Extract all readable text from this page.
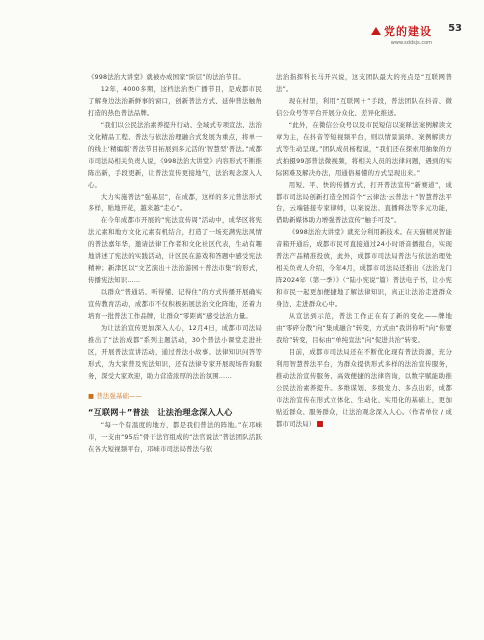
党的建设
www.sddsjs.com
53

《998法治大讲堂》就被办成国家“阶层”的法治节目。

12年，4000多期，这档法治类广播节目，是成都市民了解身边法治新鲜事的窗口，创新普法方式、延伸普法触角打造的热色普法品牌。

“我们以公民法治素养提升行动、全域式专项宣法、法治文化精品工程、普法与依法治理融合式发展为重点，将单一的线上‘精编版’普法节目拓展到多元活的‘智慧型’普法。”成都市司法局相关负责人说，《998法治大讲堂》内容形式不断推陈出新，手段更新，让普法宣传更接地气，法治观念深入人心。

大力实施普法“强基层”，在成都，这样的多元普法形式多样，贴地开花，越来越“走心”。

在今年成都市开展的“宪法宣传周”活动中，成华区将宪法元素和地方文化元素有机结合，打造了一场充满宪法风情的普法嘉年华，邀请法律工作者和文化社区代表，生动有趣地讲述了宪法的实践活动，计区民在游戏和答题中感受宪法精神；新津区以“文艺演出＋法治游园＋普法市集”的形式，传播宪法知识……

以群众“普通话、听得懂、记得住”的方式传播开展确实宣传教育活动，成都市不仅积极拓展法治文化阵地，还着力培育一批普法工作品牌，让群众“零距离”感受法治力量。

为让法治宣传更加深入人心，12月4日，成都市司法局推出了“法治成都”系列主题活动，30个普法小课堂走进社区，开展普法宣讲活动，通过普法小故事、法律知识问答等形式，为大家普及宪法知识，还有法律专家开展现场咨询服务，深受大家欢迎，助力营造浓厚的法治氛围……

■ 普法强基础——
“互联网＋”普法　让法治理念深入人心

“每一个有温度的地方，都是我们普法的阵地。”在邛崃市，一支由“95后”骨干法官组成的“法官说法”普法团队活跃在各大短视频平台，邛崃市司法局普法与依

法治指挥科长马开兴说，这支团队最大的亮点是“互联网普法”。

现在村里，利用“互联网＋”手段，普法团队在抖音、微信公众号等平台开展分众化、差异化推送。

“此外，在微信公众号以及市民短信以案释法案例解读文章为主，在抖音等短视频平台，则以情景演绎、案例解读方式等生动呈现。”团队成员杨程说，“我们还在探索用抽象的方式拍摄99部普法微视频，将相关人员的法律问题，遇到的实际困难及解决办法，用通俗易懂的方式呈现出来。”

用短、平、快的传播方式，打开普法宣传“新赛道”，成都市司法局创新打造全国首个“云律法·云普法＋”智慧普法平台，云端链接专家律师，以案说法、直播释法等多元功能，借助新媒体助力增强普法宣传“触手可及”。

《998法治大讲堂》就充分利用新技术。在天猫精灵智能音箱开通后，成都市民可直接通过24小时语音播报台，实现普法产品精准投放，此外，成都市司法局普法与依法治理处相关负责人介绍，今年4月，成都市司法局还推出《法治龙门阵2024年（第一季）》（“陆小宪说”篇）普法电子书，让小宪和市民一起更加便捷地了解法律知识，真正让法治走进群众身边、走进群众心中。

从宣法到示范，普法工作正在有了新的变化——牌地由“零碎分散”向“集成融合”转变，方式由“我讲你听”向“你要我给”转变，目标由“单纯宣法”向“促进共治”转变。

目前，成都市司法局还在不断优化现有普法资源，充分利用智慧普法平台，为群众提供形式多样的法治宣传服务，推动法治宣传服务、高效便捷的法律咨询，以数字赋能助推公民法治素养提升。多维谋划、多级发力、多点出彩，成都市法治宣传在形式立体化、生动化、实用化的基础上，更加贴近群众、服务群众，让法治观念深入人心。（作者单位 / 成都市司法局）
